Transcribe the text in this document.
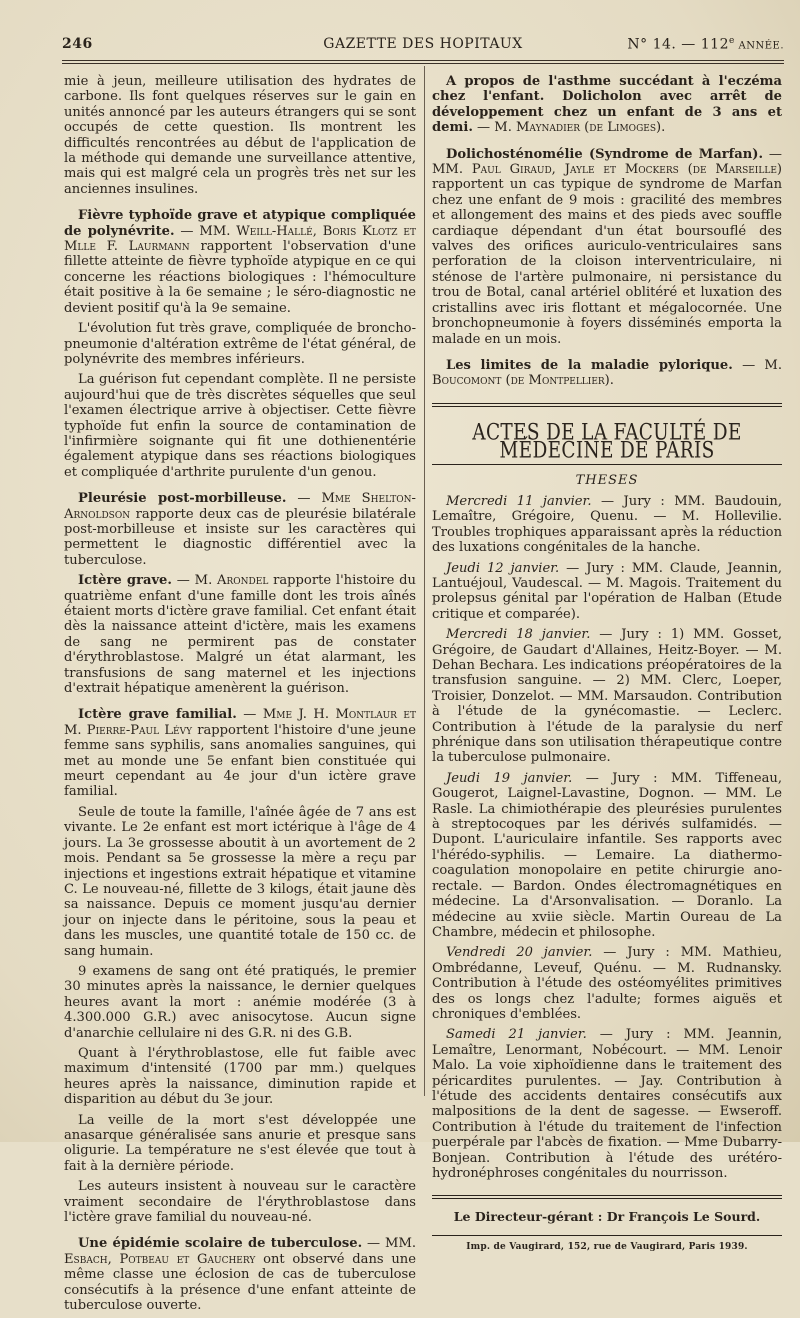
246	GAZETTE DES HOPITAUX	N° 14. — 112e ANNÉE.

mie à jeun, meilleure utilisation des hydrates de carbone. Ils font quelques réserves sur le gain en unités annoncé par les auteurs étrangers qui se sont occupés de cette question. Ils montrent les difficultés rencontrées au début de l'application de la méthode qui demande une surveillance attentive, mais qui est malgré cela un progrès très net sur les anciennes insulines.

Fièvre typhoïde grave et atypique compliquée de polynévrite. — MM. Weill-Hallé, Boris Klotz et Mlle F. Laurmann rapportent l'observation d'une fillette atteinte de fièvre typhoïde atypique en ce qui concerne les réactions biologiques : l'hémoculture était positive à la 6e semaine ; le séro-diagnostic ne devient positif qu'à la 9e semaine.

L'évolution fut très grave, compliquée de broncho-pneumonie d'altération extrême de l'état général, de polynévrite des membres inférieurs.

La guérison fut cependant complète. Il ne persiste aujourd'hui que de très discrètes séquelles que seul l'examen électrique arrive à objectiser. Cette fièvre typhoïde fut enfin la source de contamination de l'infirmière soignante qui fit une dothienentérie également atypique dans ses réactions biologiques et compliquée d'arthrite purulente d'un genou.

Pleurésie post-morbilleuse. — Mme Shelton-Arnoldson rapporte deux cas de pleurésie bilatérale post-morbilleuse et insiste sur les caractères qui permettent le diagnostic différentiel avec la tuberculose.

Ictère grave. — M. Arondel rapporte l'histoire du quatrième enfant d'une famille dont les trois aînés étaient morts d'ictère grave familial. Cet enfant était dès la naissance atteint d'ictère, mais les examens de sang ne permirent pas de constater d'érythroblastose. Malgré un état alarmant, les transfusions de sang maternel et les injections d'extrait hépatique amenèrent la guérison.

Ictère grave familial. — Mme J. H. Montlaur et M. Pierre-Paul Lévy rapportent l'histoire d'une jeune femme sans syphilis, sans anomalies sanguines, qui met au monde une 5e enfant bien constituée qui meurt cependant au 4e jour d'un ictère grave familial.

Seule de toute la famille, l'aînée âgée de 7 ans est vivante. Le 2e enfant est mort ictérique à l'âge de 4 jours. La 3e grossesse aboutit à un avortement de 2 mois. Pendant sa 5e grossesse la mère a reçu par injections et ingestions extrait hépatique et vitamine C. Le nouveau-né, fillette de 3 kilogs, était jaune dès sa naissance. Depuis ce moment jusqu'au dernier jour on injecte dans le péritoine, sous la peau et dans les muscles, une quantité totale de 150 cc. de sang humain.

9 examens de sang ont été pratiqués, le premier 30 minutes après la naissance, le dernier quelques heures avant la mort : anémie modérée (3 à 4.300.000 G.R.) avec anisocytose. Aucun signe d'anarchie cellulaire ni des G.R. ni des G.B.

Quant à l'érythroblastose, elle fut faible avec maximum d'intensité (1700 par mm.) quelques heures après la naissance, diminution rapide et disparition au début du 3e jour.

La veille de la mort s'est développée une anasarque généralisée sans anurie et presque sans oligurie. La température ne s'est élevée que tout à fait à la dernière période.

Les auteurs insistent à nouveau sur le caractère vraiment secondaire de l'érythroblastose dans l'ictère grave familial du nouveau-né.

Une épidémie scolaire de tuberculose. — MM. Esbach, Potbeau et Gauchery ont observé dans une même classe une éclosion de cas de tuberculose consécutifs à la présence d'une enfant atteinte de tuberculose ouverte.

A propos de l'asthme succédant à l'eczéma chez l'enfant. Dolicholon avec arrêt de développement chez un enfant de 3 ans et demi. — M. Maynadier (de Limoges).

Dolichosténomélie (Syndrome de Marfan). — MM. Paul Giraud, Jayle et Mockers (de Marseille) rapportent un cas typique de syndrome de Marfan chez une enfant de 9 mois : gracilité des membres et allongement des mains et des pieds avec souffle cardiaque dépendant d'un état boursouflé des valves des orifices auriculo-ventriculaires sans perforation de la cloison interventriculaire, ni sténose de l'artère pulmonaire, ni persistance du trou de Botal, canal artériel oblitéré et luxation des cristallins avec iris flottant et mégalocornée. Une bronchopneumonie à foyers disséminés emporta la malade en un mois.

Les limites de la maladie pylorique. — M. Boucomont (de Montpellier).

ACTES DE LA FACULTÉ DE MÉDECINE DE PARIS
THESES

Mercredi 11 janvier. — Jury : MM. Baudouin, Lemaître, Grégoire, Quenu. — M. Hollevilie. Troubles trophiques apparaissant après la réduction des luxations congénitales de la hanche.

Jeudi 12 janvier. — Jury : MM. Claude, Jeannin, Lantuéjoul, Vaudescal. — M. Magois. Traitement du prolepsus génital par l'opération de Halban (Etude critique et comparée).

Mercredi 18 janvier. — Jury : 1) MM. Gosset, Grégoire, de Gaudart d'Allaines, Heitz-Boyer. — M. Dehan Bechara. Les indications préopératoires de la transfusion sanguine. — 2) MM. Clerc, Loeper, Troisier, Donzelot. — MM. Marsaudon. Contribution à l'étude de la gynécomastie. — Leclerc. Contribution à l'étude de la paralysie du nerf phrénique dans son utilisation thérapeutique contre la tuberculose pulmonaire.

Jeudi 19 janvier. — Jury : MM. Tiffeneau, Gougerot, Laignel-Lavastine, Dognon. — MM. Le Rasle. La chimiothérapie des pleurésies purulentes à streptocoques par les dérivés sulfamidés. — Dupont. L'auriculaire infantile. Ses rapports avec l'hérédo-syphilis. — Lemaire. La diathermo-coagulation monopolaire en petite chirurgie ano-rectale. — Bardon. Ondes électromagnétiques en médecine. La d'Arsonvalisation. — Doranlo. La médecine au xviie siècle. Martin Oureau de La Chambre, médecin et philosophe.

Vendredi 20 janvier. — Jury : MM. Mathieu, Ombrédanne, Leveuf, Quénu. — M. Rudnansky. Contribution à l'étude des ostéomyélites primitives des os longs chez l'adulte; formes aiguës et chroniques d'emblées.

Samedi 21 janvier. — Jury : MM. Jeannin, Lemaître, Lenormant, Nobécourt. — MM. Lenoir Malo. La voie xiphoïdienne dans le traitement des péricardites purulentes. — Jay. Contribution à l'étude des accidents dentaires consécutifs aux malpositions de la dent de sagesse. — Ewseroff. Contribution à l'étude du traitement de l'infection puerpérale par l'abcès de fixation. — Mme Dubarry-Bonjean. Contribution à l'étude des urétéro-hydronéphroses congénitales du nourrisson.

Le Directeur-gérant : Dr François Le Sourd.
Imp. de Vaugirard, 152, rue de Vaugirard, Paris 1939.
